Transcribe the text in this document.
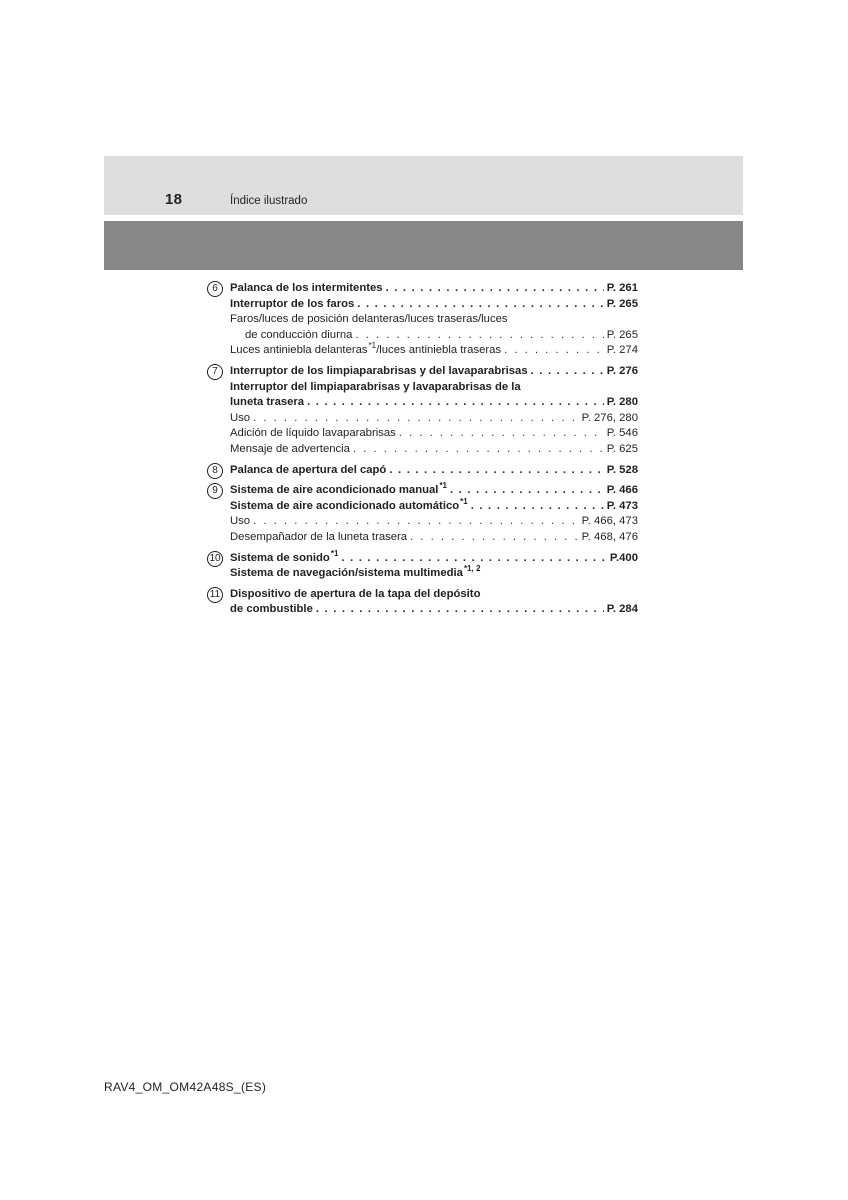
18	Índice ilustrado
6	Palanca de los intermitentes . . .	P. 261
Interruptor de los faros . . .	P. 265
Faros/luces de posición delanteras/luces traseras/luces
de conducción diurna . . .	P. 265
Luces antiniebla delanteras$^{*1}$/luces antiniebla traseras . . .	P. 274
7	Interruptor de los limpiaparabrisas y del lavaparabrisas . . .	P. 276
Interruptor del limpiaparabrisas y lavaparabrisas de la
luneta trasera . . .	P. 280
Uso . . .	P. 276, 280
Adición de líquido lavaparabrisas . . .	P. 546
Mensaje de advertencia . . .	P. 625
8	Palanca de apertura del capó . . .	P. 528
9	Sistema de aire acondicionado manual$^{*1}$ . . .	P. 466
Sistema de aire acondicionado automático$^{*1}$ . . .	P. 473
Uso . . .	P. 466, 473
Desempañador de la luneta trasera . . .	P. 468, 476
10 Sistema de sonido$^{*1}$ . . .	P.400
Sistema de navegación/sistema multimedia$^{*1, 2}$
11 Dispositivo de apertura de la tapa del depósito
de combustible . . .	P. 284
RAV4_OM_OM42A48S_(ES)
